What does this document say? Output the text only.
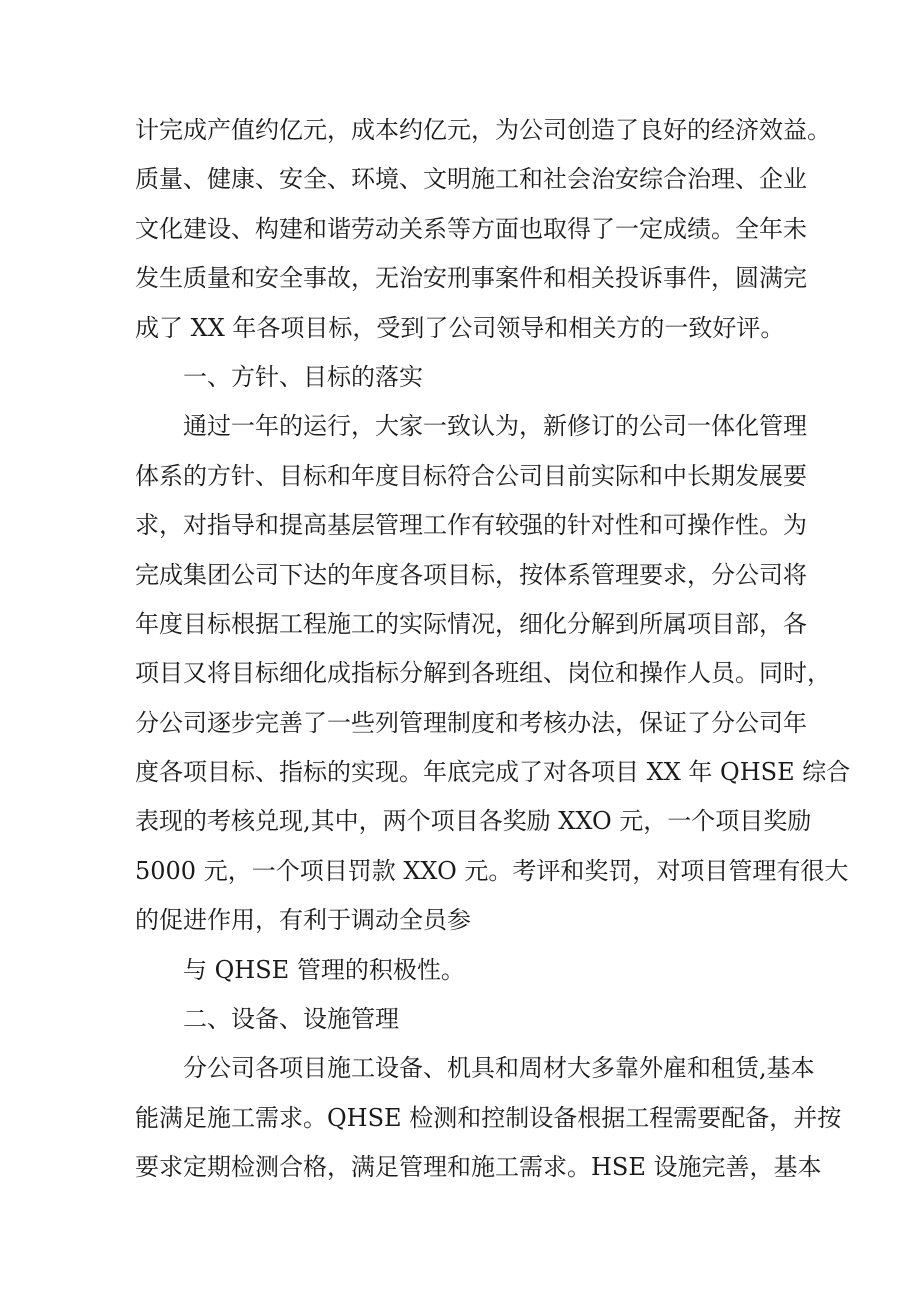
计完成产值约亿元，成本约亿元，为公司创造了良好的经济效益。
质量、健康、安全、环境、文明施工和社会治安综合治理、企业
文化建设、构建和谐劳动关系等方面也取得了一定成绩。全年未
发生质量和安全事故，无治安刑事案件和相关投诉事件，圆满完
成了 XX 年各项目标，受到了公司领导和相关方的一致好评。
一、方针、目标的落实
通过一年的运行，大家一致认为，新修订的公司一体化管理
体系的方针、目标和年度目标符合公司目前实际和中长期发展要
求，对指导和提高基层管理工作有较强的针对性和可操作性。为
完成集团公司下达的年度各项目标，按体系管理要求，分公司将
年度目标根据工程施工的实际情况，细化分解到所属项目部，各
项目又将目标细化成指标分解到各班组、岗位和操作人员。同时，
分公司逐步完善了一些列管理制度和考核办法，保证了分公司年
度各项目标、指标的实现。年底完成了对各项目 XX 年 QHSE 综合
表现的考核兑现,其中，两个项目各奖励 XXO 元，一个项目奖励
5000 元，一个项目罚款 XXO 元。考评和奖罚，对项目管理有很大
的促进作用，有利于调动全员参
与 QHSE 管理的积极性。
二、设备、设施管理
分公司各项目施工设备、机具和周材大多靠外雇和租赁,基本
能满足施工需求。QHSE 检测和控制设备根据工程需要配备，并按
要求定期检测合格，满足管理和施工需求。HSE 设施完善，基本
